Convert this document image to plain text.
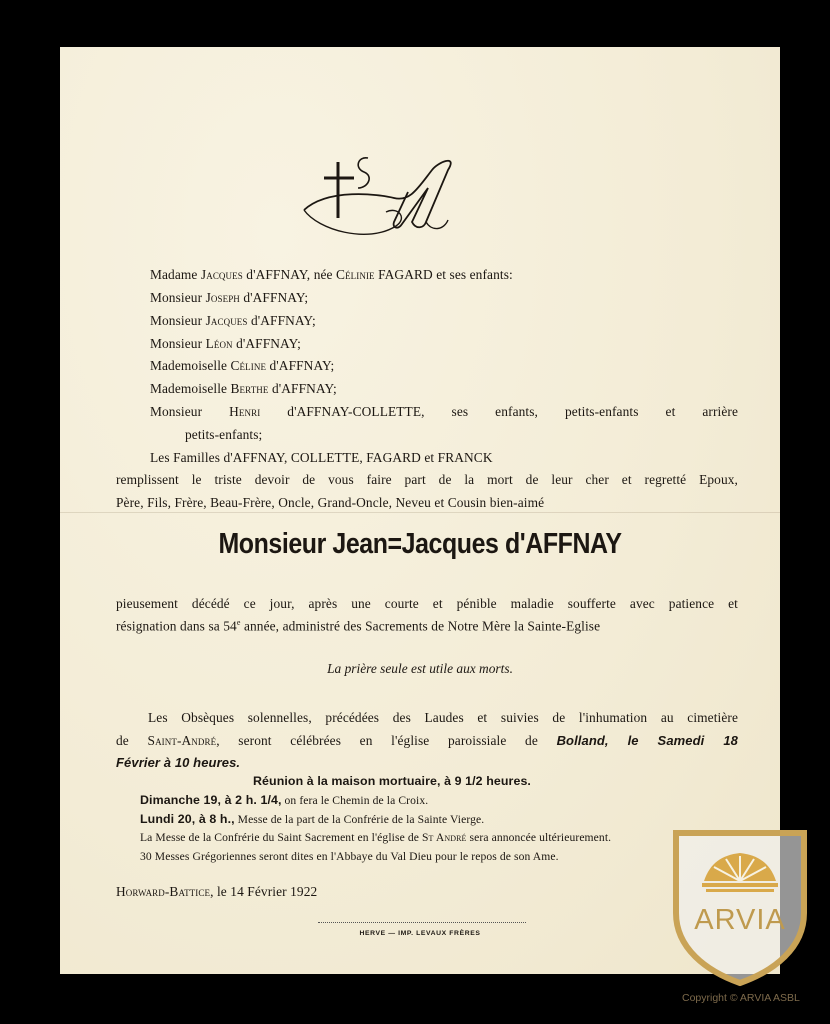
Madame Jacques d'AFFNAY, née Célinie FAGARD et ses enfants:
Monsieur Joseph d'AFFNAY;
Monsieur Jacques d'AFFNAY;
Monsieur Léon d'AFFNAY;
Mademoiselle Céline d'AFFNAY;
Mademoiselle Berthe d'AFFNAY;
Monsieur Henri d'AFFNAY-COLLETTE, ses enfants, petits-enfants et arrière
petits-enfants;
Les Familles d'AFFNAY, COLLETTE, FAGARD et FRANCK
remplissent le triste devoir de vous faire part de la mort de leur cher et regretté Epoux,
Père, Fils, Frère, Beau-Frère, Oncle, Grand-Oncle, Neveu et Cousin bien-aimé
Monsieur Jean=Jacques d'AFFNAY
pieusement décédé ce jour, après une courte et pénible maladie soufferte avec patience et
résignation dans sa 54e année, administré des Sacrements de Notre Mère la Sainte-Eglise
La prière seule est utile aux morts.
Les Obsèques solennelles, précédées des Laudes et suivies de l'inhumation au cimetière
de Saint-André, seront célébrées en l'église paroissiale de Bolland, le Samedi 18
Février à 10 heures.
Réunion à la maison mortuaire, à 9 1/2 heures.
Dimanche 19, à 2 h. 1/4, on fera le Chemin de la Croix.
Lundi 20, à 8 h., Messe de la part de la Confrérie de la Sainte Vierge.
La Messe de la Confrérie du Saint Sacrement en l'église de St André sera annoncée ultérieurement.
30 Messes Grégoriennes seront dites en l'Abbaye du Val Dieu pour le repos de son Ame.
Horward-Battice, le 14 Février 1922
HERVE — IMP. LEVAUX FRÈRES	ARVIA
Copyright © ARVIA ASBL
